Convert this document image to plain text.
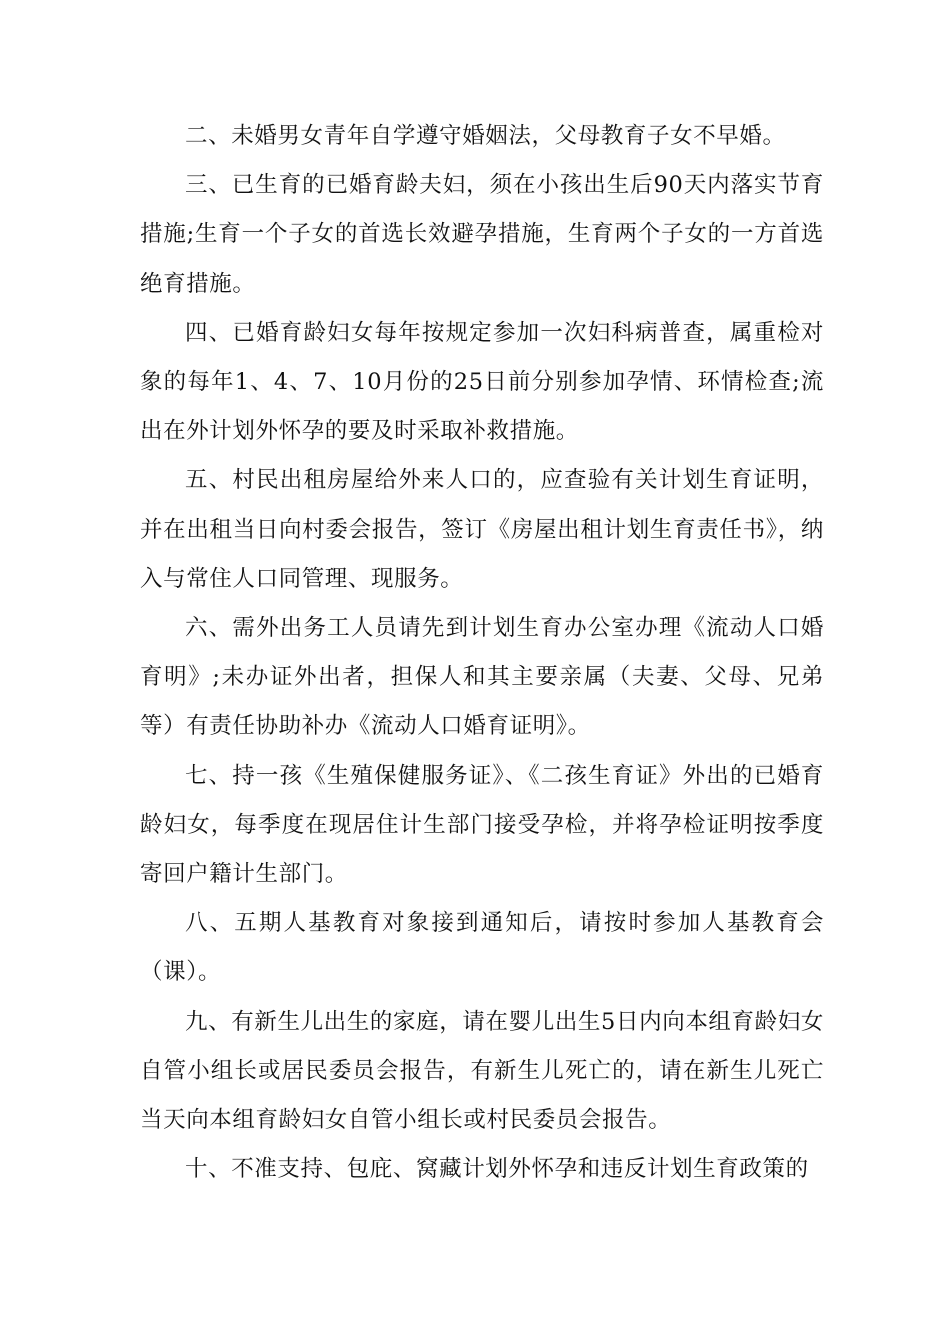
二、未婚男女青年自学遵守婚姻法，父母教育子女不早婚。

三、已生育的已婚育龄夫妇，须在小孩出生后90天内落实节育措施;生育一个子女的首选长效避孕措施，生育两个子女的一方首选绝育措施。

四、已婚育龄妇女每年按规定参加一次妇科病普查，属重检对象的每年1、4、7、10月份的25日前分别参加孕情、环情检查;流出在外计划外怀孕的要及时采取补救措施。

五、村民出租房屋给外来人口的，应查验有关计划生育证明，并在出租当日向村委会报告，签订《房屋出租计划生育责任书》，纳入与常住人口同管理、现服务。

六、需外出务工人员请先到计划生育办公室办理《流动人口婚育明》;未办证外出者，担保人和其主要亲属（夫妻、父母、兄弟等）有责任协助补办《流动人口婚育证明》。

七、持一孩《生殖保健服务证》、《二孩生育证》外出的已婚育龄妇女，每季度在现居住计生部门接受孕检，并将孕检证明按季度寄回户籍计生部门。

八、五期人基教育对象接到通知后，请按时参加人基教育会（课）。

九、有新生儿出生的家庭，请在婴儿出生5日内向本组育龄妇女自管小组长或居民委员会报告，有新生儿死亡的，请在新生儿死亡当天向本组育龄妇女自管小组长或村民委员会报告。

十、不准支持、包庇、窝藏计划外怀孕和违反计划生育政策的
